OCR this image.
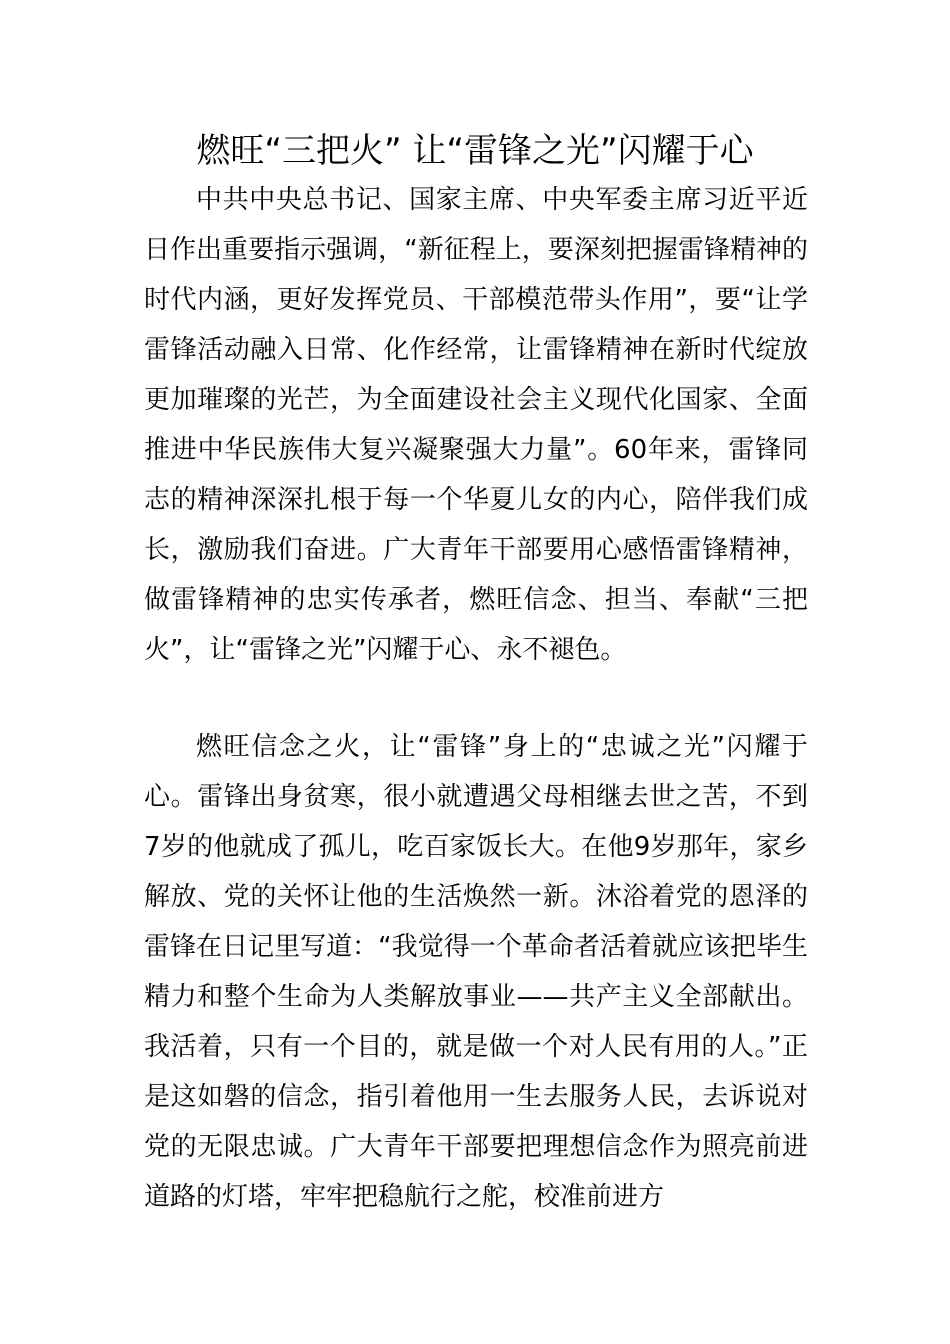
燃旺“三把火” 让“雷锋之光”闪耀于心

中共中央总书记、国家主席、中央军委主席习近平近日作出重要指示强调，“新征程上，要深刻把握雷锋精神的时代内涵，更好发挥党员、干部模范带头作用”，要“让学雷锋活动融入日常、化作经常，让雷锋精神在新时代绽放更加璀璨的光芒，为全面建设社会主义现代化国家、全面推进中华民族伟大复兴凝聚强大力量”。60年来，雷锋同志的精神深深扎根于每一个华夏儿女的内心，陪伴我们成长，激励我们奋进。广大青年干部要用心感悟雷锋精神，做雷锋精神的忠实传承者，燃旺信念、担当、奉献“三把火”，让“雷锋之光”闪耀于心、永不褪色。

燃旺信念之火，让“雷锋”身上的“忠诚之光”闪耀于心。雷锋出身贫寒，很小就遭遇父母相继去世之苦，不到7岁的他就成了孤儿，吃百家饭长大。在他9岁那年，家乡解放、党的关怀让他的生活焕然一新。沐浴着党的恩泽的雷锋在日记里写道：“我觉得一个革命者活着就应该把毕生精力和整个生命为人类解放事业——共产主义全部献出。我活着，只有一个目的，就是做一个对人民有用的人。”正是这如磐的信念，指引着他用一生去服务人民，去诉说对党的无限忠诚。广大青年干部要把理想信念作为照亮前进道路的灯塔，牢牢把稳航行之舵，校准前进方
